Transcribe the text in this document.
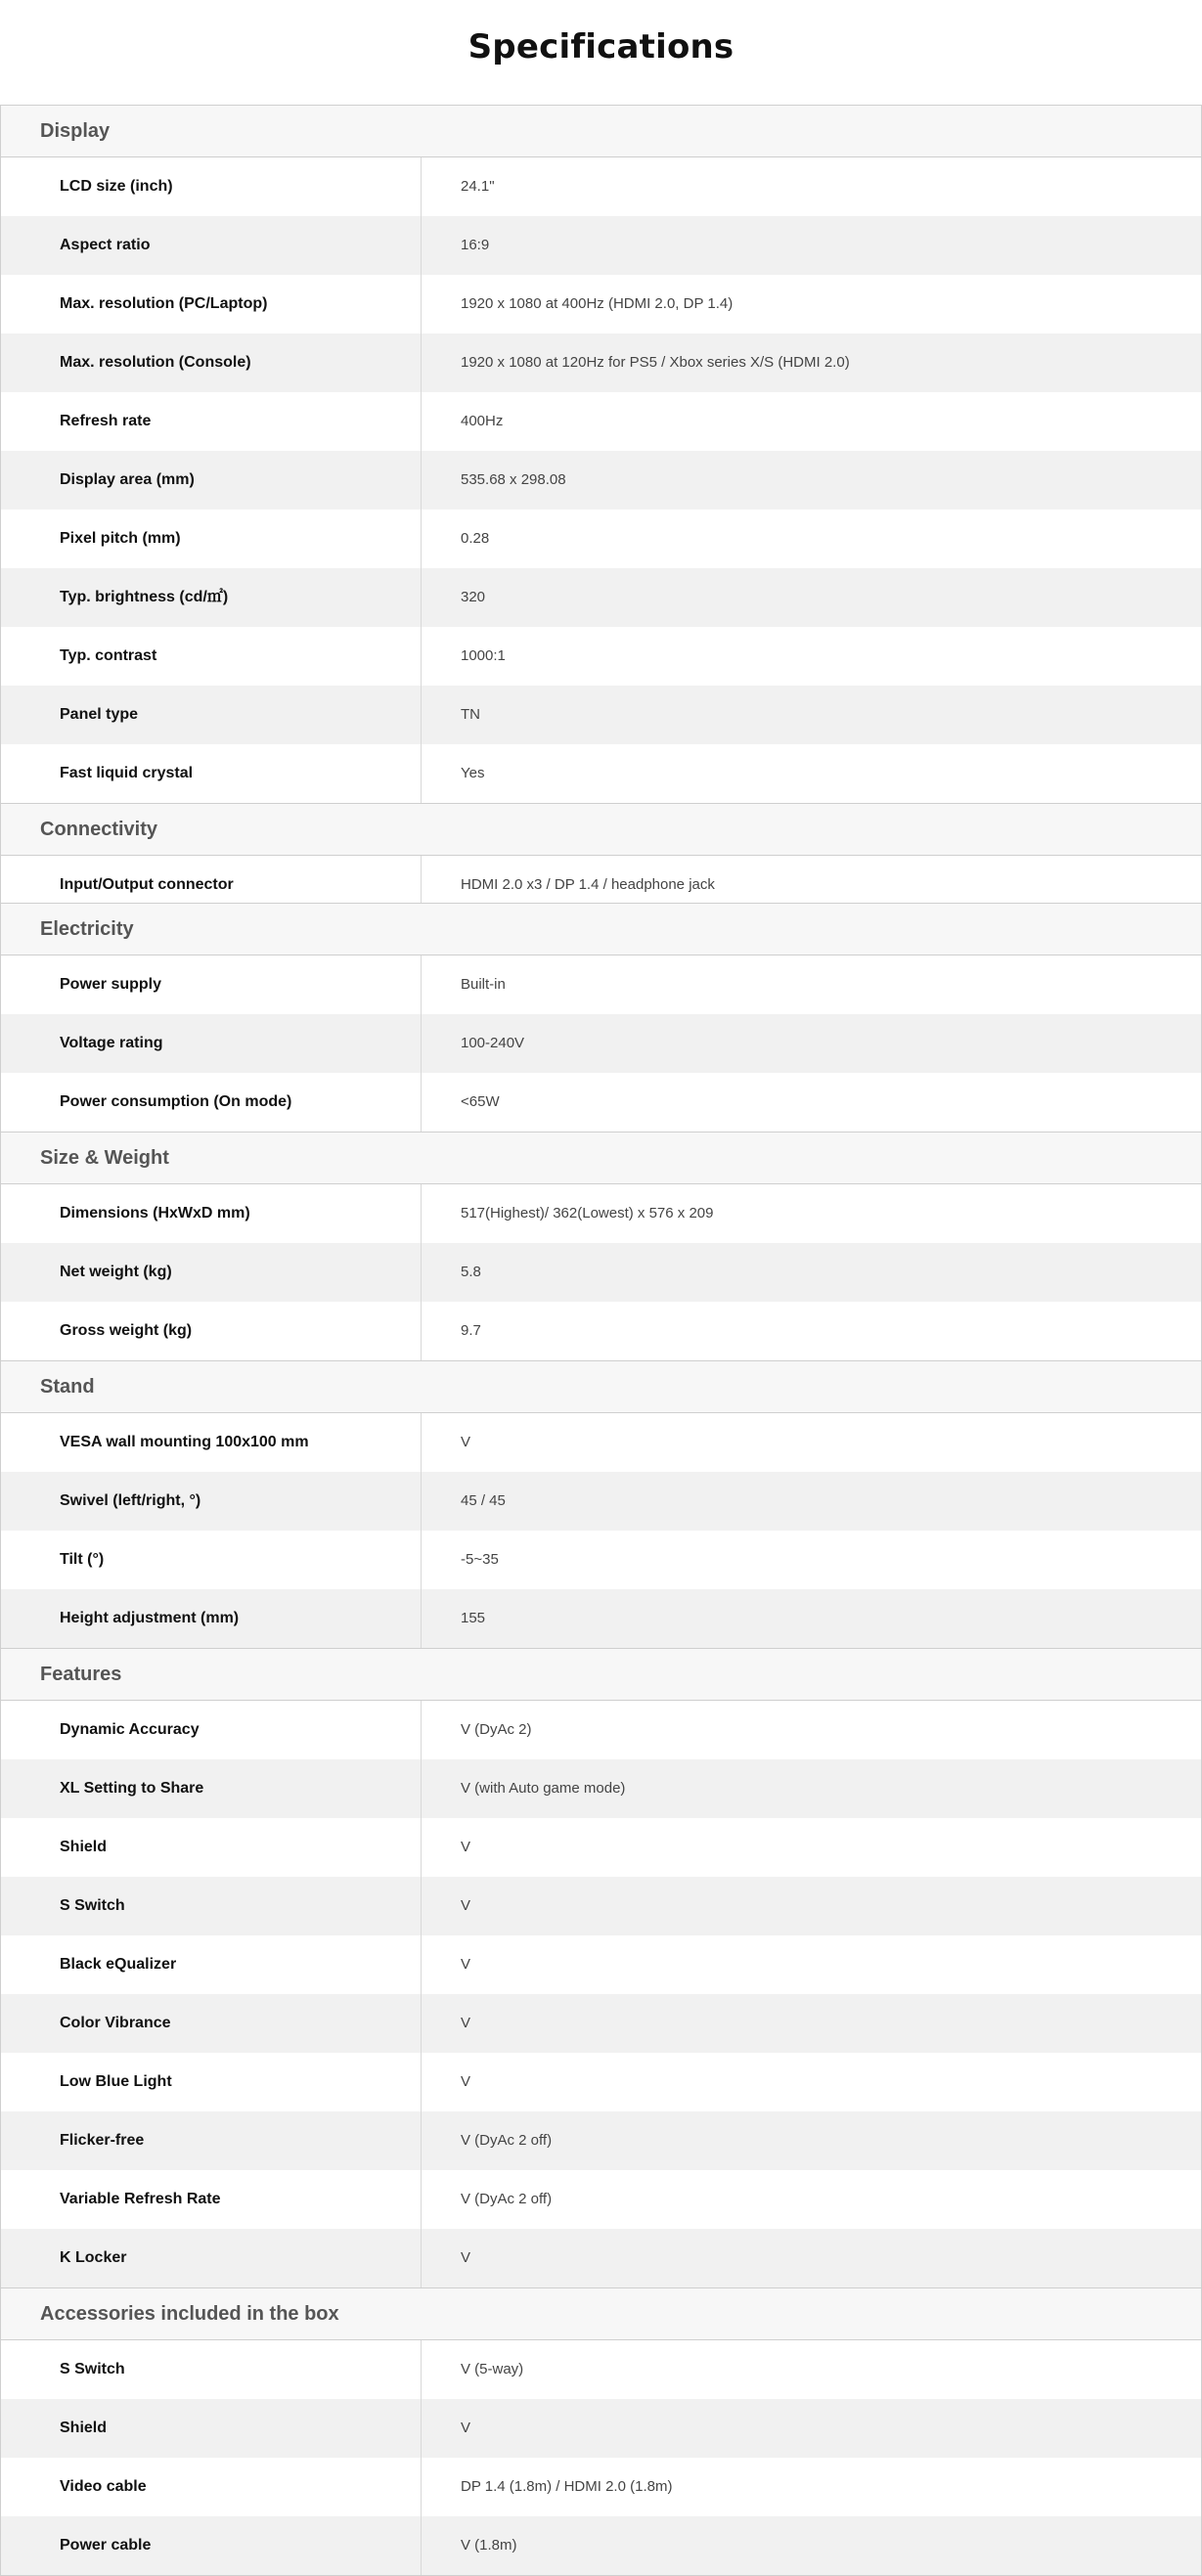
Specifications
Display
LCD size (inch)	24.1"
Aspect ratio	16:9
Max. resolution (PC/Laptop)	1920 x 1080 at 400Hz (HDMI 2.0, DP 1.4)
Max. resolution (Console)	1920 x 1080 at 120Hz for PS5 / Xbox series X/S (HDMI 2.0)
Refresh rate	400Hz
Display area (mm)	535.68 x 298.08
Pixel pitch (mm)	0.28
Typ. brightness (cd/㎡)	320
Typ. contrast	1000:1
Panel type	TN
Fast liquid crystal	Yes
Connectivity
Input/Output connector	HDMI 2.0 x3 / DP 1.4 / headphone jack
Electricity
Power supply	Built-in
Voltage rating	100-240V
Power consumption (On mode)	<65W
Size & Weight
Dimensions (HxWxD mm)	517(Highest)/ 362(Lowest) x 576 x 209
Net weight (kg)	5.8
Gross weight (kg)	9.7
Stand
VESA wall mounting 100x100 mm	V
Swivel (left/right, °)	45 / 45
Tilt (°)	-5~35
Height adjustment (mm)	155
Features
Dynamic Accuracy	V (DyAc 2)
XL Setting to Share	V (with Auto game mode)
Shield	V
S Switch	V
Black eQualizer	V
Color Vibrance	V
Low Blue Light	V
Flicker-free	V (DyAc 2 off)
Variable Refresh Rate	V (DyAc 2 off)
K Locker	V
Accessories included in the box
S Switch	V (5-way)
Shield	V
Video cable	DP 1.4 (1.8m) / HDMI 2.0 (1.8m)
Power cable	V (1.8m)
